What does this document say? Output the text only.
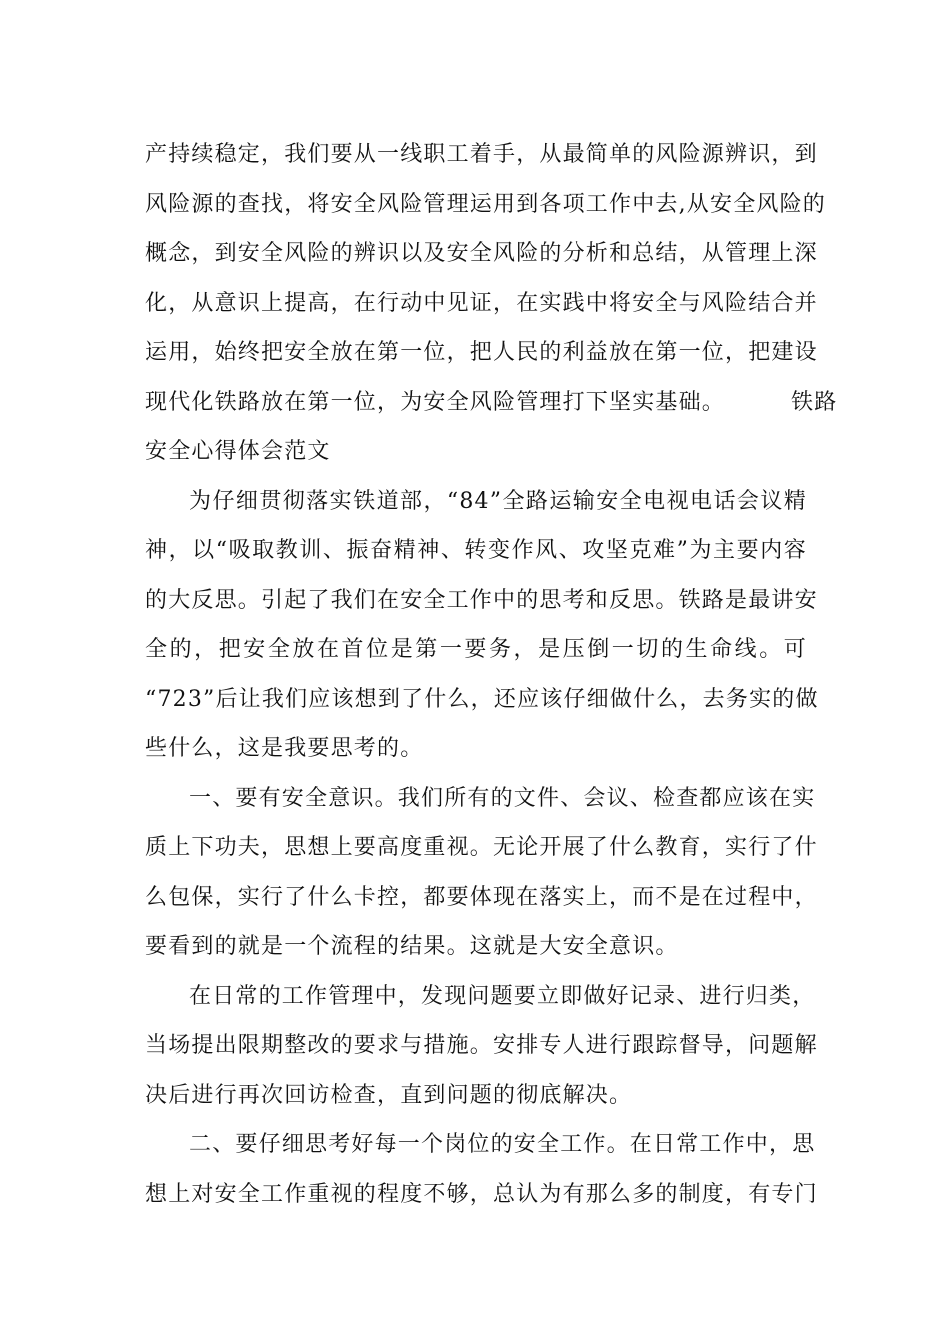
产持续稳定，我们要从一线职工着手，从最简单的风险源辨识，到
风险源的查找，将安全风险管理运用到各项工作中去,从安全风险的
概念，到安全风险的辨识以及安全风险的分析和总结，从管理上深
化，从意识上提高，在行动中见证，在实践中将安全与风险结合并
运用，始终把安全放在第一位，把人民的利益放在第一位，把建设
现代化铁路放在第一位，为安全风险管理打下坚实基础。	铁路
安全心得体会范文
为仔细贯彻落实铁道部，“84”全路运输安全电视电话会议精
神，以“吸取教训、振奋精神、转变作风、攻坚克难”为主要内容
的大反思。引起了我们在安全工作中的思考和反思。铁路是最讲安
全的，把安全放在首位是第一要务，是压倒一切的生命线。可
“723”后让我们应该想到了什么，还应该仔细做什么，去务实的做
些什么，这是我要思考的。
一、要有安全意识。我们所有的文件、会议、检查都应该在实
质上下功夫，思想上要高度重视。无论开展了什么教育，实行了什
么包保，实行了什么卡控，都要体现在落实上，而不是在过程中，
要看到的就是一个流程的结果。这就是大安全意识。
在日常的工作管理中，发现问题要立即做好记录、进行归类，
当场提出限期整改的要求与措施。安排专人进行跟踪督导，问题解
决后进行再次回访检查，直到问题的彻底解决。
二、要仔细思考好每一个岗位的安全工作。在日常工作中，思
想上对安全工作重视的程度不够，总认为有那么多的制度，有专门
